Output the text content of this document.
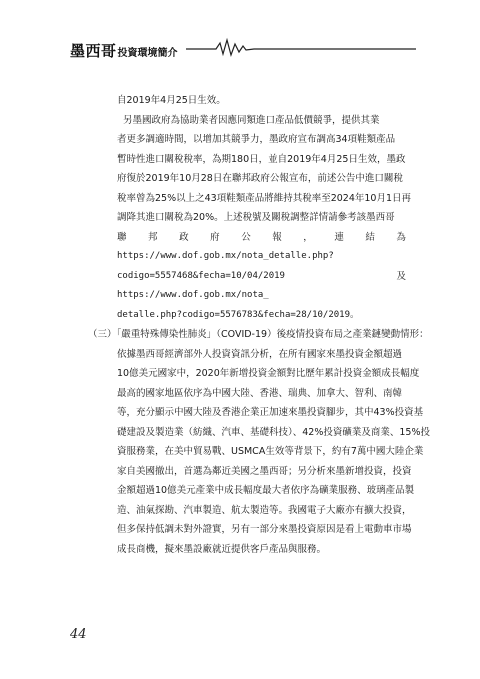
墨西哥 投資環境簡介
自2019年4月25日生效。
另墨國政府為協助業者因應同類進口產品低價競爭，提供其業
者更多調適時間，以增加其競爭力，墨政府宣布調高34項鞋類產品
暫時性進口關稅稅率，為期180日，並自2019年4月25日生效，墨政
府復於2019年10月28日在聯邦政府公報宣布，前述公告中進口關稅
稅率曾為25%以上之43項鞋類產品將維持其稅率至2024年10月1日再
調降其進口關稅為20%。上述稅號及關稅調整詳情請參考該墨西哥
聯 邦 政 府 公 報 ， 連 結 為
https://www.dof.gob.mx/nota_detalle.php?
codigo=5557468&fecha=10/04/2019	及
https://www.dof.gob.mx/nota_
detalle.php?codigo=5576783&fecha=28/10/2019。
（三）「嚴重特殊傳染性肺炎」（COVID-19）後疫情投資布局之產業鏈變動情形：
依據墨西哥經濟部外人投資資訊分析，在所有國家來墨投資金額超過
10億美元國家中，2020年新增投資金額對比歷年累計投資金額成長幅度
最高的國家地區依序為中國大陸、香港、瑞典、加拿大、智利、南韓
等，充分顯示中國大陸及香港企業正加速來墨投資腳步，其中43%投資基
礎建設及製造業（紡織、汽車、基礎科技）、42%投資礦業及商業、15%投
資服務業，在美中貿易戰、USMCA生效等背景下，約有7萬中國大陸企業
家自美國撤出，首選為鄰近美國之墨西哥；另分析來墨新增投資，投資
金額超過10億美元產業中成長幅度最大者依序為礦業服務、玻璃產品製
造、油氣探勘、汽車製造、航太製造等。我國電子大廠亦有擴大投資，
但多保持低調未對外證實，另有一部分來墨投資原因是看上電動車市場
成長商機，擬來墨設廠就近提供客戶產品與服務。
44
